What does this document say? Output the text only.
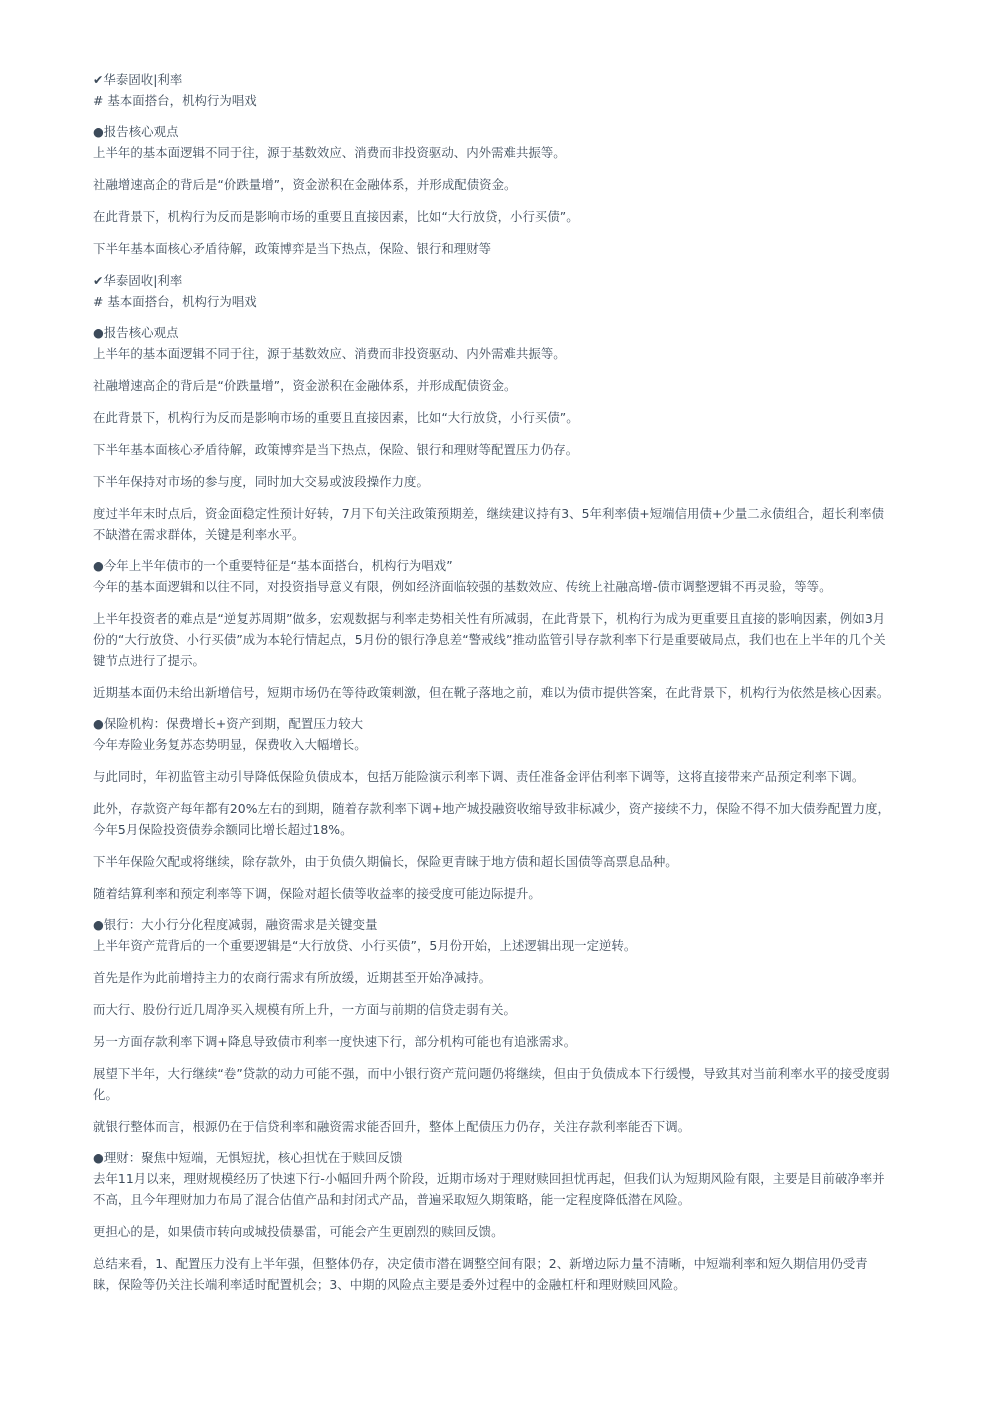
✔华泰固收|利率
# 基本面搭台，机构行为唱戏
●报告核心观点
上半年的基本面逻辑不同于往，源于基数效应、消费而非投资驱动、内外需难共振等。
社融增速高企的背后是“价跌量增”，资金淤积在金融体系，并形成配债资金。
在此背景下，机构行为反而是影响市场的重要且直接因素，比如“大行放贷，小行买债”。
下半年基本面核心矛盾待解，政策博弈是当下热点，保险、银行和理财等
✔华泰固收|利率
# 基本面搭台，机构行为唱戏
●报告核心观点
上半年的基本面逻辑不同于往，源于基数效应、消费而非投资驱动、内外需难共振等。
社融增速高企的背后是“价跌量增”，资金淤积在金融体系，并形成配债资金。
在此背景下，机构行为反而是影响市场的重要且直接因素，比如“大行放贷，小行买债”。
下半年基本面核心矛盾待解，政策博弈是当下热点，保险、银行和理财等配置压力仍存。
下半年保持对市场的参与度，同时加大交易或波段操作力度。
度过半年末时点后，资金面稳定性预计好转，7月下旬关注政策预期差，继续建议持有3、5年利率债+短端信用债+少量二永债组合，超长利率债
不缺潜在需求群体，关键是利率水平。
●今年上半年债市的一个重要特征是“基本面搭台，机构行为唱戏”
今年的基本面逻辑和以往不同，对投资指导意义有限，例如经济面临较强的基数效应、传统上社融高增-债市调整逻辑不再灵验，等等。
上半年投资者的难点是“逆复苏周期”做多，宏观数据与利率走势相关性有所减弱，在此背景下，机构行为成为更重要且直接的影响因素，例如3月
份的“大行放贷、小行买债”成为本轮行情起点，5月份的银行净息差“警戒线”推动监管引导存款利率下行是重要破局点，我们也在上半年的几个关
键节点进行了提示。
近期基本面仍未给出新增信号，短期市场仍在等待政策刺激，但在靴子落地之前，难以为债市提供答案，在此背景下，机构行为依然是核心因素。
●保险机构：保费增长+资产到期，配置压力较大
今年寿险业务复苏态势明显，保费收入大幅增长。
与此同时，年初监管主动引导降低保险负债成本，包括万能险演示利率下调、责任准备金评估利率下调等，这将直接带来产品预定利率下调。
此外，存款资产每年都有20%左右的到期，随着存款利率下调+地产城投融资收缩导致非标减少，资产接续不力，保险不得不加大债券配置力度，
今年5月保险投资债券余额同比增长超过18%。
下半年保险欠配或将继续，除存款外，由于负债久期偏长，保险更青睐于地方债和超长国债等高票息品种。
随着结算利率和预定利率等下调，保险对超长债等收益率的接受度可能边际提升。
●银行：大小行分化程度减弱，融资需求是关键变量
上半年资产荒背后的一个重要逻辑是“大行放贷、小行买债”，5月份开始，上述逻辑出现一定逆转。
首先是作为此前增持主力的农商行需求有所放缓，近期甚至开始净减持。
而大行、股份行近几周净买入规模有所上升，一方面与前期的信贷走弱有关。
另一方面存款利率下调+降息导致债市利率一度快速下行，部分机构可能也有追涨需求。
展望下半年，大行继续“卷”贷款的动力可能不强，而中小银行资产荒问题仍将继续，但由于负债成本下行缓慢，导致其对当前利率水平的接受度弱
化。
就银行整体而言，根源仍在于信贷利率和融资需求能否回升，整体上配债压力仍存，关注存款利率能否下调。
●理财：聚焦中短端，无惧短扰，核心担忧在于赎回反馈
去年11月以来，理财规模经历了快速下行-小幅回升两个阶段，近期市场对于理财赎回担忧再起，但我们认为短期风险有限，主要是目前破净率并
不高，且今年理财加力布局了混合估值产品和封闭式产品，普遍采取短久期策略，能一定程度降低潜在风险。
更担心的是，如果债市转向或城投债暴雷，可能会产生更剧烈的赎回反馈。
总结来看，1、配置压力没有上半年强，但整体仍存，决定债市潜在调整空间有限；2、新增边际力量不清晰，中短端利率和短久期信用仍受青
睐，保险等仍关注长端利率适时配置机会；3、中期的风险点主要是委外过程中的金融杠杆和理财赎回风险。
